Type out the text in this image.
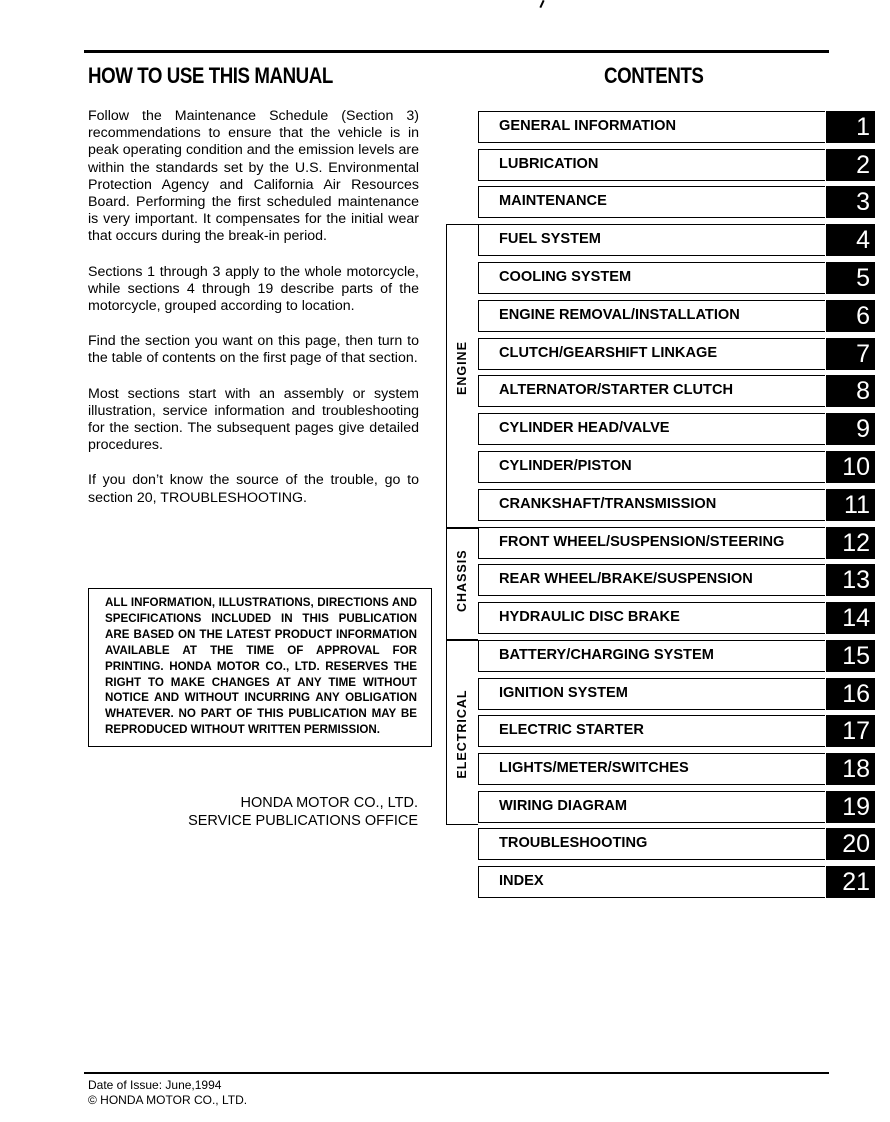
HOW TO USE THIS MANUAL	CONTENTS

Follow the Maintenance Schedule (Section 3) recommendations to ensure that the vehicle is in peak operating condition and the emission levels are within the standards set by the U.S. Environmental Protection Agency and California Air Resources Board. Performing the first scheduled maintenance is very important. It compensates for the initial wear that occurs during the break-in period.

Sections 1 through 3 apply to the whole motorcycle, while sections 4 through 19 describe parts of the motorcycle, grouped according to location.

Find the section you want on this page, then turn to the table of contents on the first page of that section.

Most sections start with an assembly or system illustration, service information and troubleshooting for the section. The subsequent pages give detailed procedures.

If you don’t know the source of the trouble, go to section 20, TROUBLESHOOTING.

ALL INFORMATION, ILLUSTRATIONS, DIRECTIONS AND SPECIFICATIONS INCLUDED IN THIS PUBLICATION ARE BASED ON THE LATEST PRODUCT INFORMATION AVAILABLE AT THE TIME OF APPROVAL FOR PRINTING. HONDA MOTOR CO., LTD. RESERVES THE RIGHT TO MAKE CHANGES AT ANY TIME WITHOUT NOTICE AND WITHOUT INCURRING ANY OBLIGATION WHATEVER. NO PART OF THIS PUBLICATION MAY BE REPRODUCED WITHOUT WRITTEN PERMISSION.
HONDA MOTOR CO., LTD.
SERVICE PUBLICATIONS OFFICE
ENGINE
CHASSIS
ELECTRICAL
GENERAL INFORMATION	1
LUBRICATION	2
MAINTENANCE	3
FUEL SYSTEM	4
COOLING SYSTEM	5
ENGINE REMOVAL/INSTALLATION	6
CLUTCH/GEARSHIFT LINKAGE	7
ALTERNATOR/STARTER CLUTCH	8
CYLINDER HEAD/VALVE	9
CYLINDER/PISTON	10
CRANKSHAFT/TRANSMISSION	11
FRONT WHEEL/SUSPENSION/STEERING	12
REAR WHEEL/BRAKE/SUSPENSION	13
HYDRAULIC DISC BRAKE	14
BATTERY/CHARGING SYSTEM	15
IGNITION SYSTEM	16
ELECTRIC STARTER	17
LIGHTS/METER/SWITCHES	18
WIRING DIAGRAM	19
TROUBLESHOOTING	20
INDEX	21
Date of Issue: June,1994
© HONDA MOTOR CO., LTD.
